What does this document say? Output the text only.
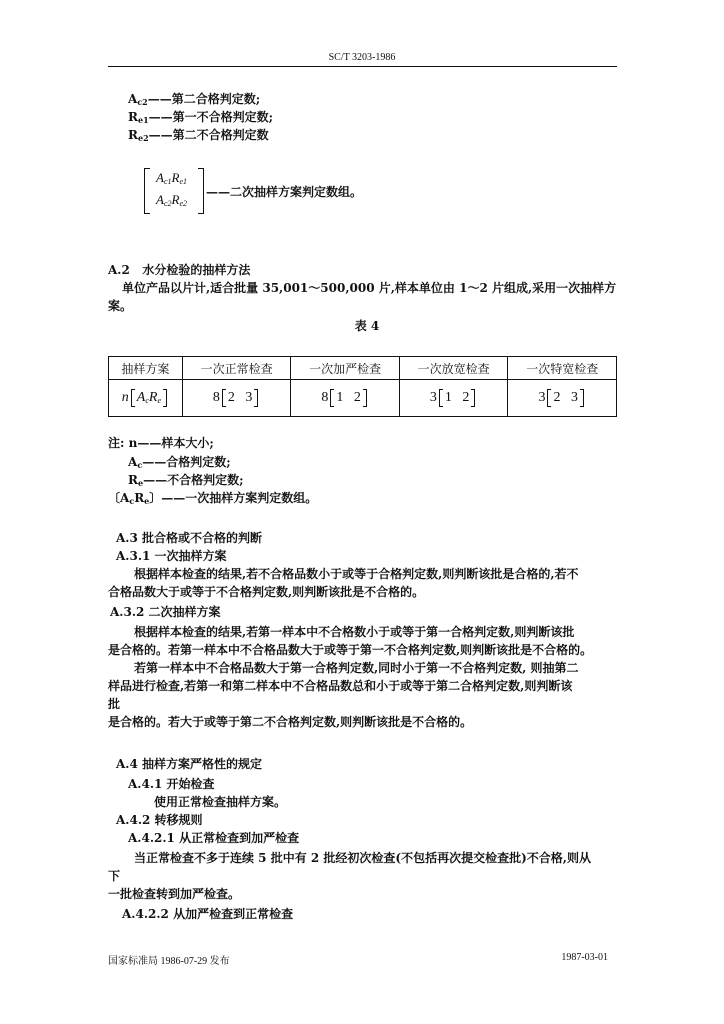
SC/T 3203-1986
$A_{c2}——$第二合格判定数;
$R_{e1}——$第一不合格判定数;
$R_{e2}——$第二不合格判定数
Ac1Re1
Ac2Re2
——二次抽样方案判定数组。
A.2 水分检验的抽样方法
单位产品以片计,适合批量 35,001～500,000 片,样本单位由 1～2 片组成,采用一次抽样方
案。
表 4
抽样方案	一次正常检查	一次加严检查	一次放宽检查	一次特宽检查
n AcRe	8 2 3	8 1 2	3 1 2	3 2 3
注: n——样本大小;
$A_c——$合格判定数;
$R_e——$不合格判定数;
〔$A_cR_e$〕——一次抽样方案判定数组。
A.3 批合格或不合格的判断
A.3.1 一次抽样方案
根据样本检查的结果,若不合格品数小于或等于合格判定数,则判断该批是合格的,若不
合格品数大于或等于不合格判定数,则判断该批是不合格的。
A.3.2 二次抽样方案
根据样本检查的结果,若第一样本中不合格数小于或等于第一合格判定数,则判断该批
是合格的。若第一样本中不合格品数大于或等于第一不合格判定数,则判断该批是不合格的。
若第一样本中不合格品数大于第一合格判定数,同时小于第一不合格判定数, 则抽第二
样品进行检查,若第一和第二样本中不合格品数总和小于或等于第二合格判定数,则判断该
批
是合格的。若大于或等于第二不合格判定数,则判断该批是不合格的。
A.4 抽样方案严格性的规定
A.4.1 开始检查
使用正常检查抽样方案。
A.4.2 转移规则
A.4.2.1 从正常检查到加严检查
当正常检查不多于连续 5 批中有 2 批经初次检查(不包括再次提交检查批)不合格,则从
下
一批检查转到加严检查。
A.4.2.2 从加严检查到正常检查
国家标准局 1986-07-29 发布	1987-03-01
